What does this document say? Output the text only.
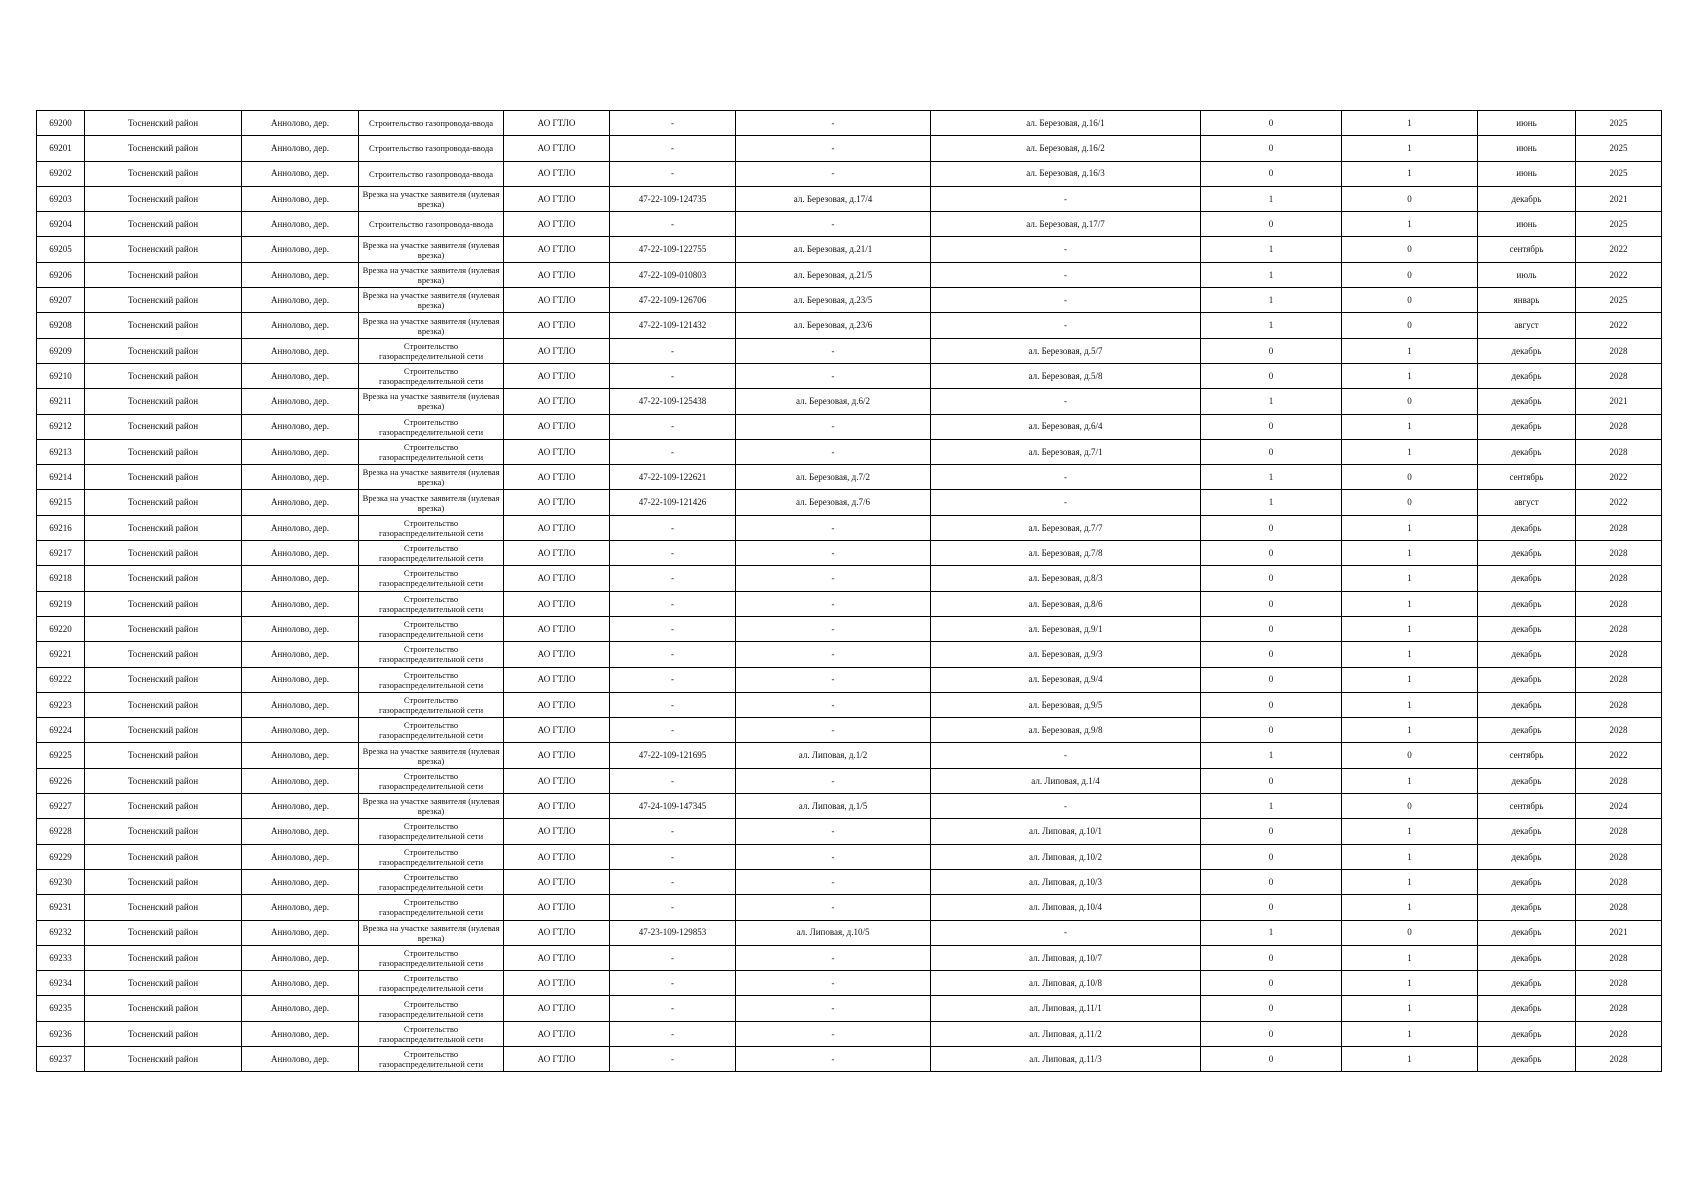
69200	Тосненский район	Аннолово, дер.	Строительство газопровода-ввода	АО ГТЛО	-	-	ал. Березовая, д.16/1	0	1	июнь	2025
69201	Тосненский район	Аннолово, дер.	Строительство газопровода-ввода	АО ГТЛО	-	-	ал. Березовая, д.16/2	0	1	июнь	2025
69202	Тосненский район	Аннолово, дер.	Строительство газопровода-ввода	АО ГТЛО	-	-	ал. Березовая, д.16/3	0	1	июнь	2025
69203	Тосненский район	Аннолово, дер.	Врезка на участке заявителя (нулевая врезка)	АО ГТЛО	47-22-109-124735	ал. Березовая, д.17/4	-	1	0	декабрь	2021
69204	Тосненский район	Аннолово, дер.	Строительство газопровода-ввода	АО ГТЛО	-	-	ал. Березовая, д.17/7	0	1	июнь	2025
69205	Тосненский район	Аннолово, дер.	Врезка на участке заявителя (нулевая врезка)	АО ГТЛО	47-22-109-122755	ал. Березовая, д.21/1	-	1	0	сентябрь	2022
69206	Тосненский район	Аннолово, дер.	Врезка на участке заявителя (нулевая врезка)	АО ГТЛО	47-22-109-010803	ал. Березовая, д.21/5	-	1	0	июль	2022
69207	Тосненский район	Аннолово, дер.	Врезка на участке заявителя (нулевая врезка)	АО ГТЛО	47-22-109-126706	ал. Березовая, д.23/5	-	1	0	январь	2025
69208	Тосненский район	Аннолово, дер.	Врезка на участке заявителя (нулевая врезка)	АО ГТЛО	47-22-109-121432	ал. Березовая, д.23/6	-	1	0	август	2022
69209	Тосненский район	Аннолово, дер.	Строительство газораспределительной сети	АО ГТЛО	-	-	ал. Березовая, д.5/7	0	1	декабрь	2028
69210	Тосненский район	Аннолово, дер.	Строительство газораспределительной сети	АО ГТЛО	-	-	ал. Березовая, д.5/8	0	1	декабрь	2028
69211	Тосненский район	Аннолово, дер.	Врезка на участке заявителя (нулевая врезка)	АО ГТЛО	47-22-109-125438	ал. Березовая, д.6/2	-	1	0	декабрь	2021
69212	Тосненский район	Аннолово, дер.	Строительство газораспределительной сети	АО ГТЛО	-	-	ал. Березовая, д.6/4	0	1	декабрь	2028
69213	Тосненский район	Аннолово, дер.	Строительство газораспределительной сети	АО ГТЛО	-	-	ал. Березовая, д.7/1	0	1	декабрь	2028
69214	Тосненский район	Аннолово, дер.	Врезка на участке заявителя (нулевая врезка)	АО ГТЛО	47-22-109-122621	ал. Березовая, д.7/2	-	1	0	сентябрь	2022
69215	Тосненский район	Аннолово, дер.	Врезка на участке заявителя (нулевая врезка)	АО ГТЛО	47-22-109-121426	ал. Березовая, д.7/6	-	1	0	август	2022
69216	Тосненский район	Аннолово, дер.	Строительство газораспределительной сети	АО ГТЛО	-	-	ал. Березовая, д.7/7	0	1	декабрь	2028
69217	Тосненский район	Аннолово, дер.	Строительство газораспределительной сети	АО ГТЛО	-	-	ал. Березовая, д.7/8	0	1	декабрь	2028
69218	Тосненский район	Аннолово, дер.	Строительство газораспределительной сети	АО ГТЛО	-	-	ал. Березовая, д.8/3	0	1	декабрь	2028
69219	Тосненский район	Аннолово, дер.	Строительство газораспределительной сети	АО ГТЛО	-	-	ал. Березовая, д.8/6	0	1	декабрь	2028
69220	Тосненский район	Аннолово, дер.	Строительство газораспределительной сети	АО ГТЛО	-	-	ал. Березовая, д.9/1	0	1	декабрь	2028
69221	Тосненский район	Аннолово, дер.	Строительство газораспределительной сети	АО ГТЛО	-	-	ал. Березовая, д.9/3	0	1	декабрь	2028
69222	Тосненский район	Аннолово, дер.	Строительство газораспределительной сети	АО ГТЛО	-	-	ал. Березовая, д.9/4	0	1	декабрь	2028
69223	Тосненский район	Аннолово, дер.	Строительство газораспределительной сети	АО ГТЛО	-	-	ал. Березовая, д.9/5	0	1	декабрь	2028
69224	Тосненский район	Аннолово, дер.	Строительство газораспределительной сети	АО ГТЛО	-	-	ал. Березовая, д.9/8	0	1	декабрь	2028
69225	Тосненский район	Аннолово, дер.	Врезка на участке заявителя (нулевая врезка)	АО ГТЛО	47-22-109-121695	ал. Липовая, д.1/2	-	1	0	сентябрь	2022
69226	Тосненский район	Аннолово, дер.	Строительство газораспределительной сети	АО ГТЛО	-	-	ал. Липовая, д.1/4	0	1	декабрь	2028
69227	Тосненский район	Аннолово, дер.	Врезка на участке заявителя (нулевая врезка)	АО ГТЛО	47-24-109-147345	ал. Липовая, д.1/5	-	1	0	сентябрь	2024
69228	Тосненский район	Аннолово, дер.	Строительство газораспределительной сети	АО ГТЛО	-	-	ал. Липовая, д.10/1	0	1	декабрь	2028
69229	Тосненский район	Аннолово, дер.	Строительство газораспределительной сети	АО ГТЛО	-	-	ал. Липовая, д.10/2	0	1	декабрь	2028
69230	Тосненский район	Аннолово, дер.	Строительство газораспределительной сети	АО ГТЛО	-	-	ал. Липовая, д.10/3	0	1	декабрь	2028
69231	Тосненский район	Аннолово, дер.	Строительство газораспределительной сети	АО ГТЛО	-	-	ал. Липовая, д.10/4	0	1	декабрь	2028
69232	Тосненский район	Аннолово, дер.	Врезка на участке заявителя (нулевая врезка)	АО ГТЛО	47-23-109-129853	ал. Липовая, д.10/5	-	1	0	декабрь	2021
69233	Тосненский район	Аннолово, дер.	Строительство газораспределительной сети	АО ГТЛО	-	-	ал. Липовая, д.10/7	0	1	декабрь	2028
69234	Тосненский район	Аннолово, дер.	Строительство газораспределительной сети	АО ГТЛО	-	-	ал. Липовая, д.10/8	0	1	декабрь	2028
69235	Тосненский район	Аннолово, дер.	Строительство газораспределительной сети	АО ГТЛО	-	-	ал. Липовая, д.11/1	0	1	декабрь	2028
69236	Тосненский район	Аннолово, дер.	Строительство газораспределительной сети	АО ГТЛО	-	-	ал. Липовая, д.11/2	0	1	декабрь	2028
69237	Тосненский район	Аннолово, дер.	Строительство газораспределительной сети	АО ГТЛО	-	-	ал. Липовая, д.11/3	0	1	декабрь	2028
